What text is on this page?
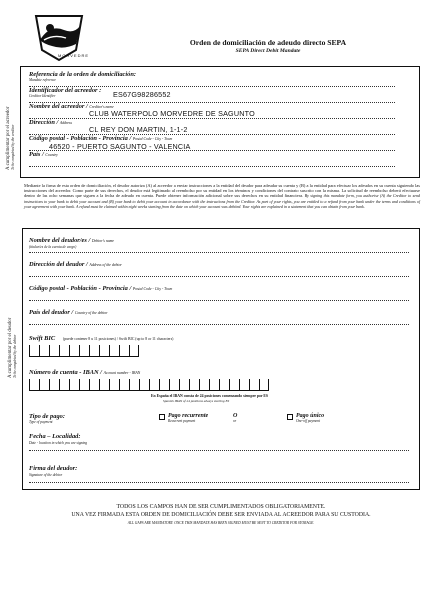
MORVEDRE
Orden de domiciliación de adeudo directo SEPA
SEPA Direct Debit Mandate
A cumplimentar por el acreedor To be completed by the creditor
A cumplimentar por el deudor To be completed by the debtor
Referencia de la orden de domiciliación:
Mandate reference
Identificador del acreedor :
Creditor Identifier	ES67G98286552
Nombre del acreedor / Creditor's name
CLUB WATERPOLO MORVEDRE DE SAGUNTO
Dirección / Address
CL REY DON MARTIN, 1-1-2
Código postal - Población - Provincia / Postal Code - City - Town
46520 - PUERTO SAGUNTO - VALENCIA
País / Country
Mediante la firma de esta orden de domiciliación, el deudor autoriza (A) al acreedor a enviar instrucciones a la entidad del deudor para adeudar su cuenta y (B) a la entidad para efectuar los adeudos en su cuenta siguiendo las instrucciones del acreedor. Como parte de sus derechos, el deudor está legitimado al reembolso por su entidad en los términos y condiciones del contrato suscrito con la misma. La solicitud de reembolso deberá efectuarse dentro de las ocho semanas que siguen a la fecha de adeudo en cuenta. Puede obtener información adicional sobre sus derechos en su entidad financiera. By signing this mandate form, you authorise (A) the Creditor to send instructions to your bank to debit your account and (B) your bank to debit your account in accordance with the instructions from the Creditor. As part of your rights, you are entitled to a refund from your bank under the terms and conditions of your agreement with your bank. A refund must be claimed within eight weeks starting from the date on which your account was debited. Your rights are explained in a statement that you can obtain from your bank.
Nombre del deudor/es / Debtor's name
(titular/es de la cuenta de cargo)
Dirección del deudor / Address of the debtor
Código postal - Población - Provincia / Postal Code - City - Town
País del deudor / Country of the debtor
Swift BIC (puede contener 8 u 11 posiciones) / Swift BIC (up to 8 or 11 characters)
Número de cuenta - IBAN / Account number - IBAN
En España el IBAN consta de 24 posiciones comenzando siempre por ES
Spanish IBAN of 24 positions always starting ES
Tipo de pago:
Type of payment
Pago recurrente
Recurrent payment
O
or
Pago único
One-off payment
Fecha – Localidad:
Date - location in which you are signing
Firma del deudor:
Signature of the debtor
TODOS LOS CAMPOS HAN DE SER CUMPLIMENTADOS OBLIGATORIAMENTE.
UNA VEZ FIRMADA ESTA ORDEN DE DOMICILIACIÓN DEBE SER ENVIADA AL ACREEDOR PARA SU CUSTODIA.
ALL GAPS ARE MANDATORY. ONCE THIS MANDATE HAS BEEN SIGNED MUST BE SENT TO CREDITOR FOR STORAGE.
